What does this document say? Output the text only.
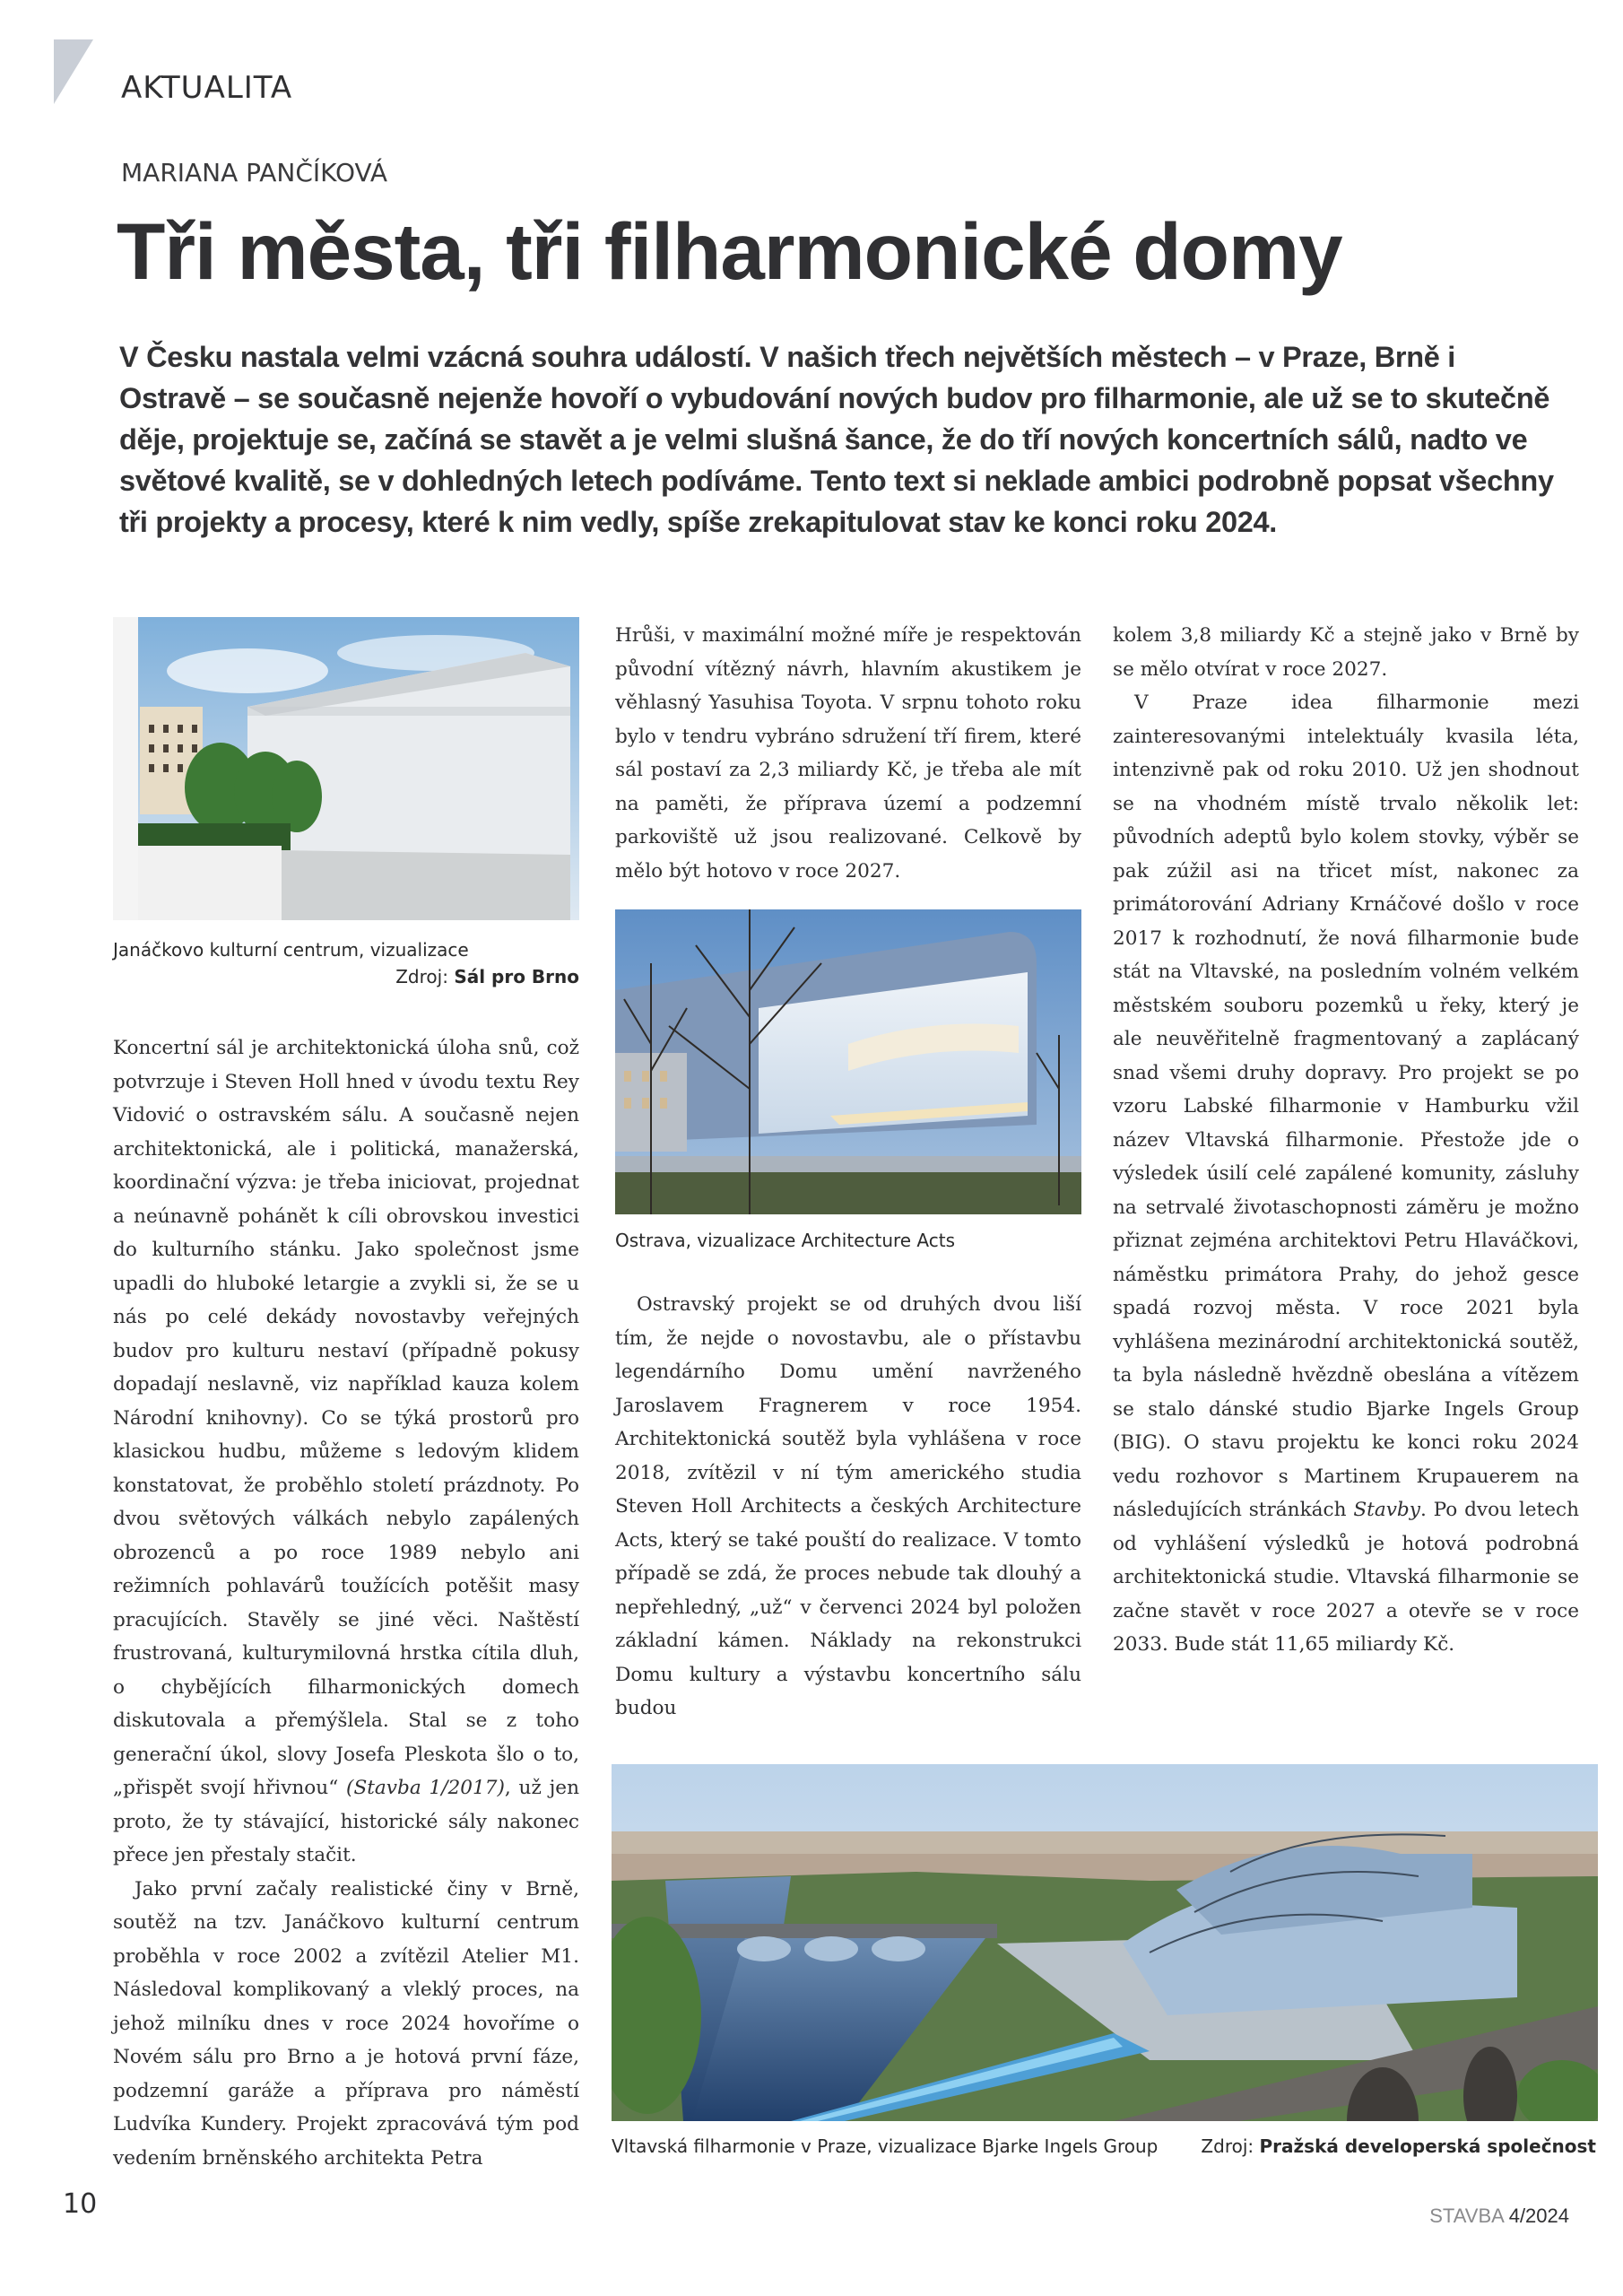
AKTUALITA
MARIANA PANČÍKOVÁ
Tři města, tři filharmonické domy

V Česku nastala velmi vzácná souhra událostí. V našich třech největších městech – v Praze, Brně i Ostravě – se současně nejenže hovoří o vybudování nových budov pro filharmonie, ale už se to skutečně děje, projektuje se, začíná se stavět a je velmi slušná šance, že do tří nových koncertních sálů, nadto ve světové kvalitě, se v dohledných letech podíváme. Tento text si neklade ambici podrobně popsat všechny tři projekty a procesy, které k nim vedly, spíše zrekapitulovat stav ke konci roku 2024.

Janáčkovo kulturní centrum, vizualizace
Zdroj: Sál pro Brno

Koncertní sál je architektonická úloha snů, což potvrzuje i Steven Holl hned v úvodu textu Rey Vidović o ostravském sálu. A současně nejen architektonická, ale i politická, manažerská, koordinační výzva: je třeba iniciovat, projednat a neúnavně pohánět k cíli obrovskou investici do kulturního stánku. Jako společnost jsme upadli do hluboké letargie a zvykli si, že se u nás po celé dekády novostavby veřejných budov pro kulturu nestaví (případně pokusy dopadají neslavně, viz například kauza kolem Národní knihovny). Co se týká prostorů pro klasickou hudbu, můžeme s ledovým klidem konstatovat, že proběhlo století prázdnoty. Po dvou světových válkách nebylo zapálených obrozenců a po roce 1989 nebylo ani režimních pohlavárů toužících potěšit masy pracujících. Stavěly se jiné věci. Naštěstí frustrovaná, kulturymilovná hrstka cítila dluh, o chybějících filharmonických domech diskutovala a přemýšlela. Stal se z toho generační úkol, slovy Josefa Pleskota šlo o to, „přispět svojí hřivnou“ (Stavba 1/2017), už jen proto, že ty stávající, historické sály nakonec přece jen přestaly stačit.

Jako první začaly realistické činy v Brně, soutěž na tzv. Janáčkovo kulturní centrum proběhla v roce 2002 a zvítězil Atelier M1. Následoval komplikovaný a vleklý proces, na jehož milníku dnes v roce 2024 hovoříme o Novém sálu pro Brno a je hotová první fáze, podzemní garáže a příprava pro náměstí Ludvíka Kundery. Projekt zpracovává tým pod vedením brněnského architekta Petra

Hrůši, v maximální možné míře je respektován původní vítězný návrh, hlavním akustikem je věhlasný Yasuhisa Toyota. V srpnu tohoto roku bylo v tendru vybráno sdružení tří firem, které sál postaví za 2,3 miliardy Kč, je třeba ale mít na paměti, že příprava území a podzemní parkoviště už jsou realizované. Celkově by mělo být hotovo v roce 2027.

Ostrava, vizualizace Architecture Acts

Ostravský projekt se od druhých dvou liší tím, že nejde o novostavbu, ale o přístavbu legendárního Domu umění navrženého Jaroslavem Fragnerem v roce 1954. Architektonická soutěž byla vyhlášena v roce 2018, zvítězil v ní tým amerického studia Steven Holl Architects a českých Architecture Acts, který se také pouští do realizace. V tomto případě se zdá, že proces nebude tak dlouhý a nepřehledný, „už“ v červenci 2024 byl položen základní kámen. Náklady na rekonstrukci Domu kultury a výstavbu koncertního sálu budou

kolem 3,8 miliardy Kč a stejně jako v Brně by se mělo otvírat v roce 2027.

V Praze idea filharmonie mezi zainteresovanými intelektuály kvasila léta, intenzivně pak od roku 2010. Už jen shodnout se na vhodném místě trvalo několik let: původních adeptů bylo kolem stovky, výběr se pak zúžil asi na třicet míst, nakonec za primátorování Adriany Krnáčové došlo v roce 2017 k rozhodnutí, že nová filharmonie bude stát na Vltavské, na posledním volném velkém městském souboru pozemků u řeky, který je ale neuvěřitelně fragmentovaný a zaplácaný snad všemi druhy dopravy. Pro projekt se po vzoru Labské filharmonie v Hamburku vžil název Vltavská filharmonie. Přestože jde o výsledek úsilí celé zapálené komunity, zásluhy na setrvalé životaschopnosti záměru je možno přiznat zejména architektovi Petru Hlaváčkovi, náměstku primátora Prahy, do jehož gesce spadá rozvoj města. V roce 2021 byla vyhlášena mezinárodní architektonická soutěž, ta byla následně hvězdně obeslána a vítězem se stalo dánské studio Bjarke Ingels Group (BIG). O stavu projektu ke konci roku 2024 vedu rozhovor s Martinem Krupauerem na následujících stránkách Stavby. Po dvou letech od vyhlášení výsledků je hotová podrobná architektonická studie. Vltavská filharmonie se začne stavět v roce 2027 a otevře se v roce 2033. Bude stát 11,65 miliardy Kč.

Vltavská filharmonie v Praze, vizualizace Bjarke Ingels Group Zdroj: Pražská developerská společnost
10	STAVBA 4/2024
